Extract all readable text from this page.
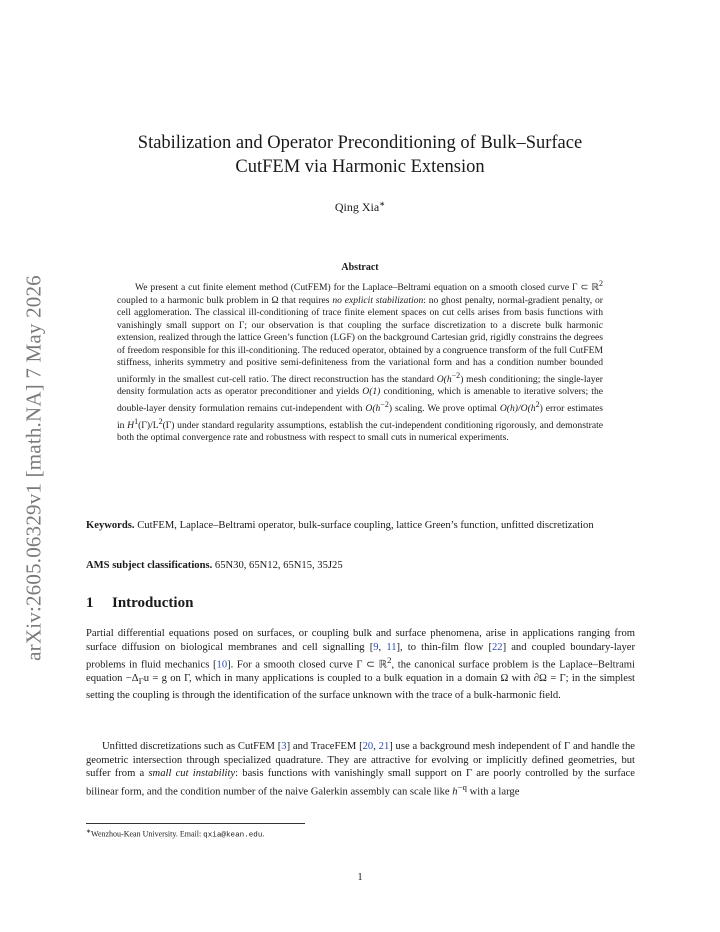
arXiv:2605.06329v1 [math.NA] 7 May 2026
Stabilization and Operator Preconditioning of Bulk–Surface
CutFEM via Harmonic Extension
Qing Xia∗
Abstract

We present a cut finite element method (CutFEM) for the Laplace–Beltrami equation on a smooth closed curve Γ ⊂ ℝ$^2$ coupled to a harmonic bulk problem in Ω that requires no explicit stabilization: no ghost penalty, normal-gradient penalty, or cell agglomeration. The classical ill-conditioning of trace finite element spaces on cut cells arises from basis functions with vanishingly small support on Γ; our observation is that coupling the surface discretization to a discrete bulk harmonic extension, realized through the lattice Green’s function (LGF) on the background Cartesian grid, rigidly constrains the degrees of freedom responsible for this ill-conditioning. The reduced operator, obtained by a congruence transform of the full CutFEM stiffness, inherits symmetry and positive semi-definiteness from the variational form and has a condition number bounded uniformly in the smallest cut-cell ratio. The direct reconstruction has the standard $O(h^{-2})$ mesh conditioning; the single-layer density formulation acts as operator preconditioner and yields O(1) conditioning, which is amenable to iterative solvers; the double-layer density formulation remains cut-independent with $O(h^{-2})$ scaling. We prove optimal $O(h)/O(h^2)$ error estimates in $H^1(\Gamma)/L^2(\Gamma)$ under standard regularity assumptions, establish the cut-independent conditioning rigorously, and demonstrate both the optimal convergence rate and robustness with respect to small cuts in numerical experiments.

Keywords. CutFEM, Laplace–Beltrami operator, bulk-surface coupling, lattice Green’s function, unfitted discretization

AMS subject classifications. 65N30, 65N12, 65N15, 35J25

1 Introduction

Partial differential equations posed on surfaces, or coupling bulk and surface phenomena, arise in applications ranging from surface diffusion on biological membranes and cell signalling [9, 11], to thin-film flow [22] and coupled boundary-layer problems in fluid mechanics [10]. For a smooth closed curve Γ ⊂ ℝ$^2$, the canonical surface problem is the Laplace–Beltrami equation $-\Delta_\Gamma u = g$ on Γ, which in many applications is coupled to a bulk equation in a domain Ω with ∂Ω = Γ; in the simplest setting the coupling is through the identification of the surface unknown with the trace of a bulk-harmonic field.

Unfitted discretizations such as CutFEM [3] and TraceFEM [20, 21] use a background mesh independent of Γ and handle the geometric intersection through specialized quadrature. They are attractive for evolving or implicitly defined geometries, but suffer from a small cut instability: basis functions with vanishingly small support on Γ are poorly controlled by the surface bilinear form, and the condition number of the naive Galerkin assembly can scale like $h^{-q}$ with a large

∗Wenzhou-Kean University. Email: qxia@kean.edu.

1
